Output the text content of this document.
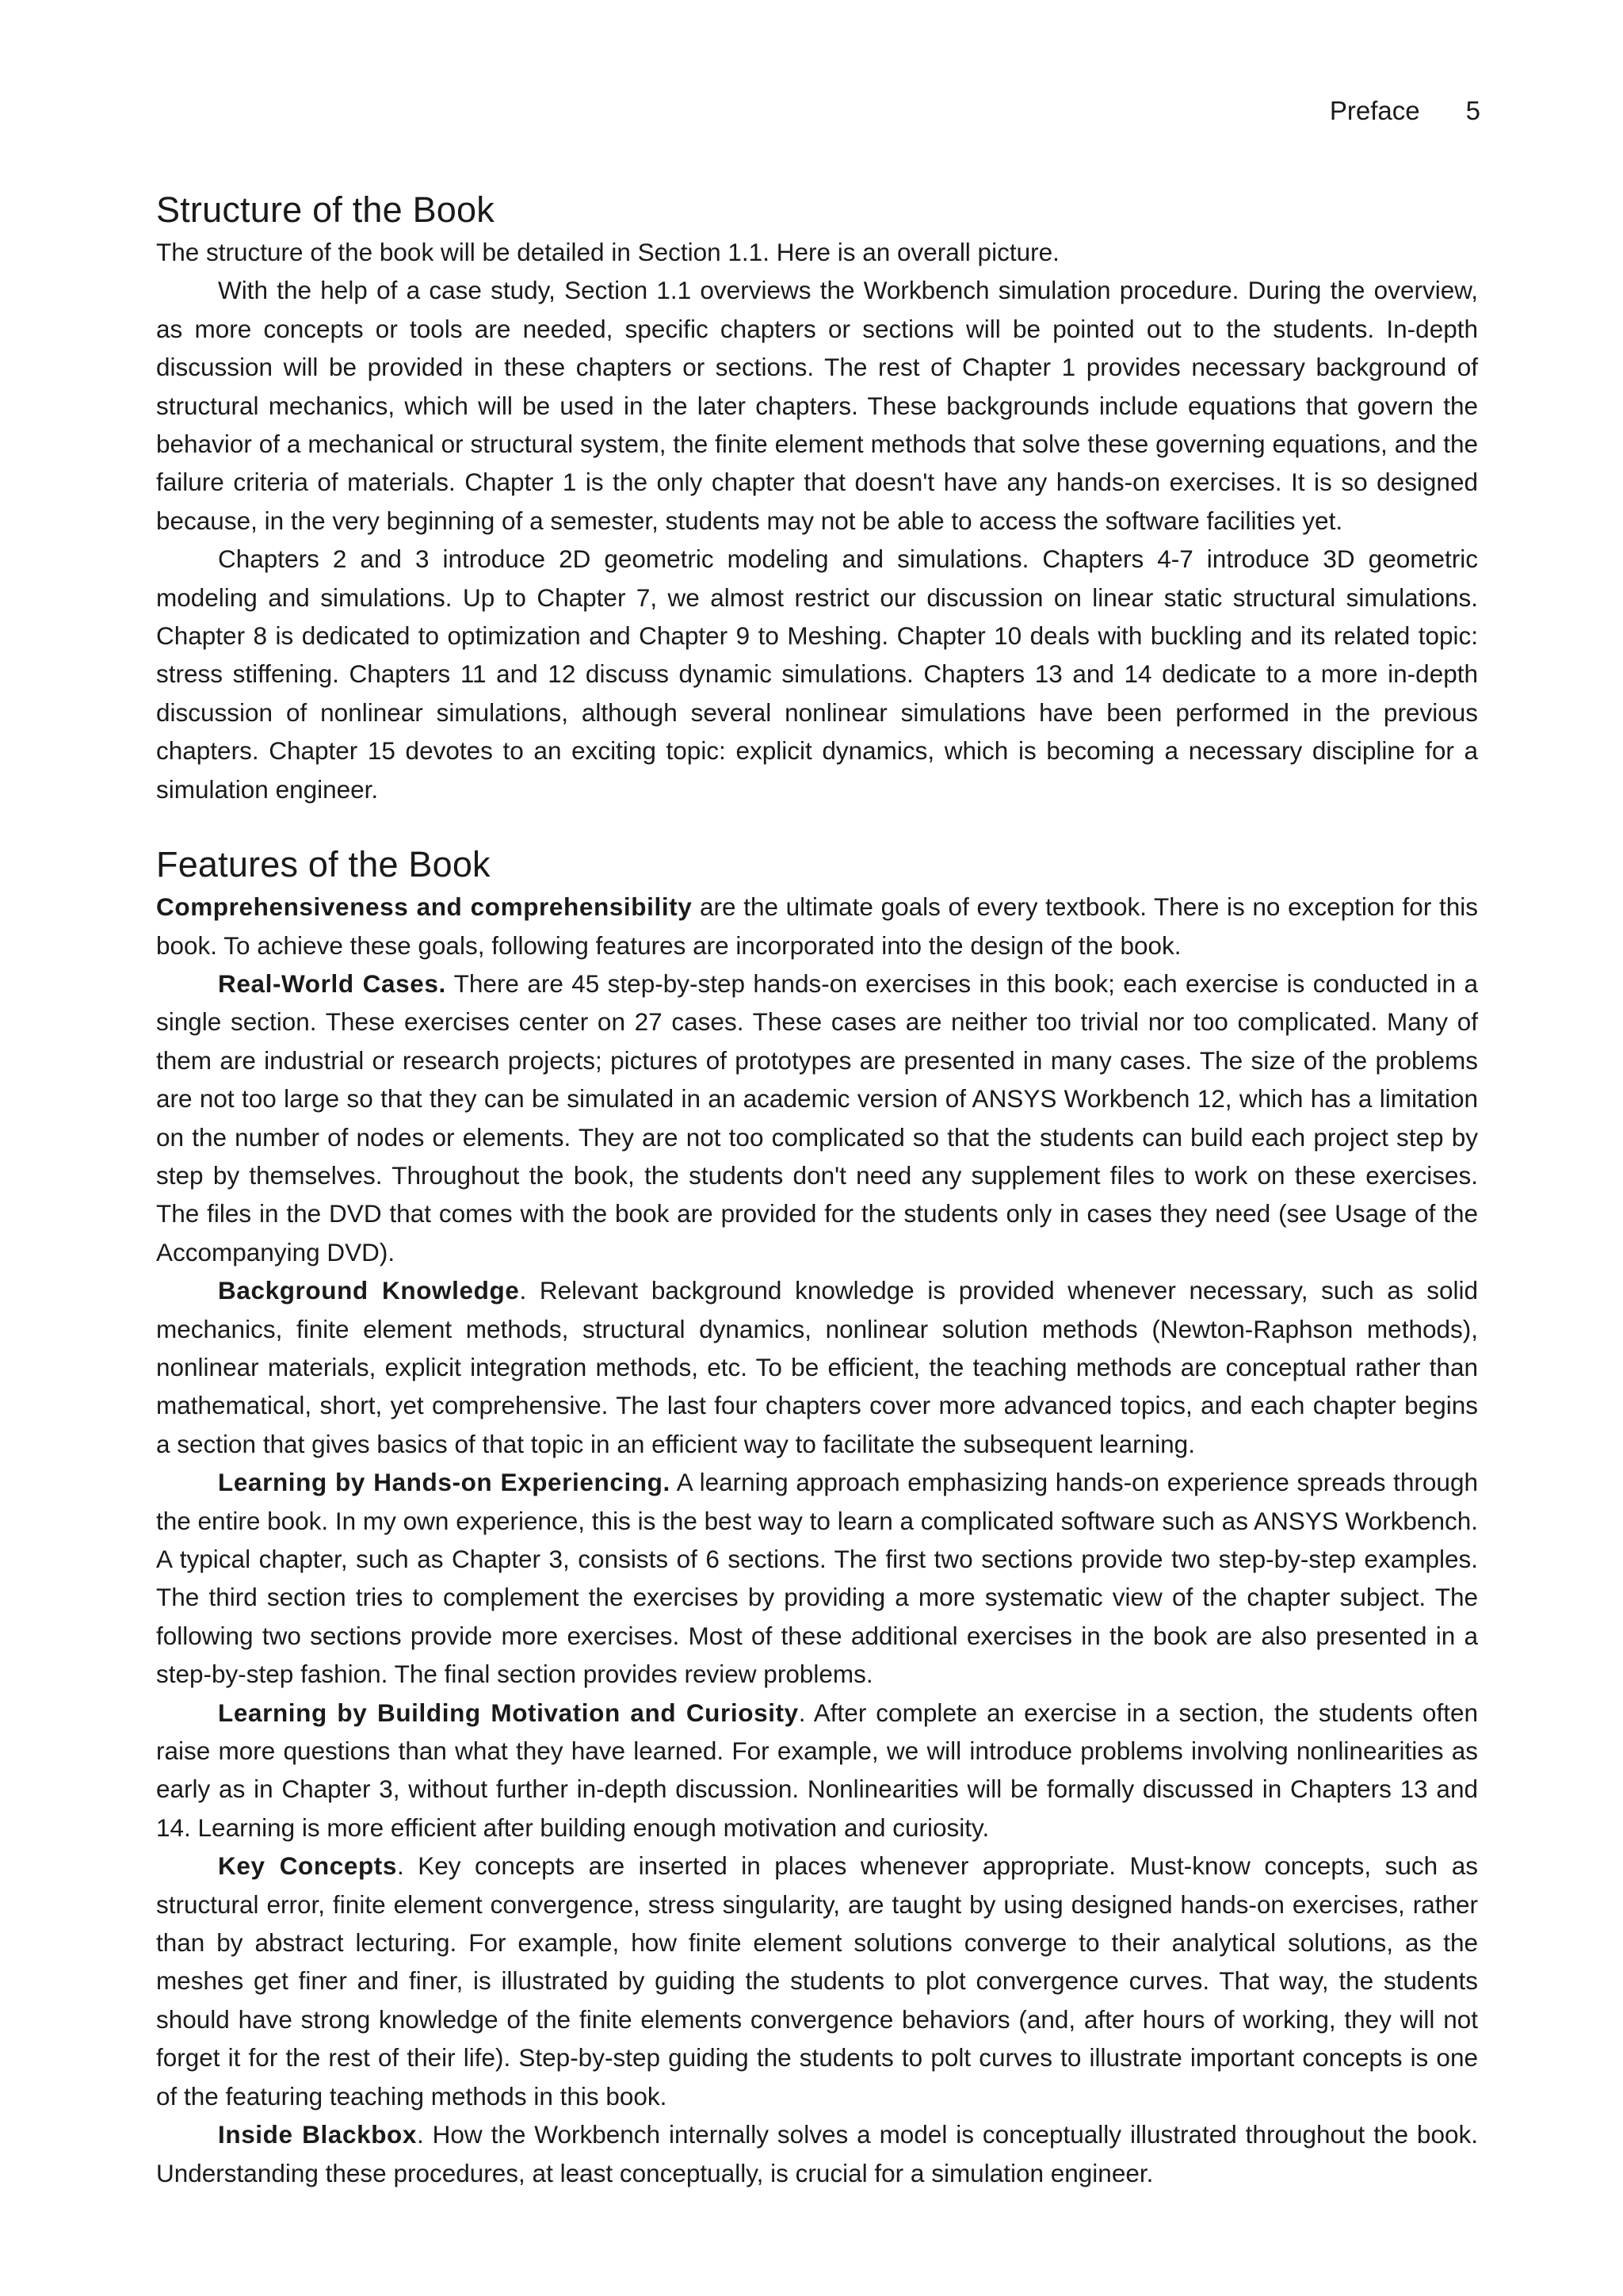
Preface 5
Structure of the Book

The structure of the book will be detailed in Section 1.1. Here is an overall picture.

With the help of a case study, Section 1.1 overviews the Workbench simulation procedure. During the overview, as more concepts or tools are needed, specific chapters or sections will be pointed out to the students. In-depth discussion will be provided in these chapters or sections. The rest of Chapter 1 provides necessary background of structural mechanics, which will be used in the later chapters. These backgrounds include equations that govern the behavior of a mechanical or structural system, the finite element methods that solve these governing equations, and the failure criteria of materials. Chapter 1 is the only chapter that doesn't have any hands-on exercises. It is so designed because, in the very beginning of a semester, students may not be able to access the software facilities yet.

Chapters 2 and 3 introduce 2D geometric modeling and simulations. Chapters 4-7 introduce 3D geometric modeling and simulations. Up to Chapter 7, we almost restrict our discussion on linear static structural simulations. Chapter 8 is dedicated to optimization and Chapter 9 to Meshing. Chapter 10 deals with buckling and its related topic: stress stiffening. Chapters 11 and 12 discuss dynamic simulations. Chapters 13 and 14 dedicate to a more in-depth discussion of nonlinear simulations, although several nonlinear simulations have been performed in the previous chapters. Chapter 15 devotes to an exciting topic: explicit dynamics, which is becoming a necessary discipline for a simulation engineer.

Features of the Book

Comprehensiveness and comprehensibility are the ultimate goals of every textbook. There is no exception for this book. To achieve these goals, following features are incorporated into the design of the book.

Real-World Cases. There are 45 step-by-step hands-on exercises in this book; each exercise is conducted in a single section. These exercises center on 27 cases. These cases are neither too trivial nor too complicated. Many of them are industrial or research projects; pictures of prototypes are presented in many cases. The size of the problems are not too large so that they can be simulated in an academic version of ANSYS Workbench 12, which has a limitation on the number of nodes or elements. They are not too complicated so that the students can build each project step by step by themselves. Throughout the book, the students don't need any supplement files to work on these exercises. The files in the DVD that comes with the book are provided for the students only in cases they need (see Usage of the Accompanying DVD).

Background Knowledge. Relevant background knowledge is provided whenever necessary, such as solid mechanics, finite element methods, structural dynamics, nonlinear solution methods (Newton-Raphson methods), nonlinear materials, explicit integration methods, etc. To be efficient, the teaching methods are conceptual rather than mathematical, short, yet comprehensive. The last four chapters cover more advanced topics, and each chapter begins a section that gives basics of that topic in an efficient way to facilitate the subsequent learning.

Learning by Hands-on Experiencing. A learning approach emphasizing hands-on experience spreads through the entire book. In my own experience, this is the best way to learn a complicated software such as ANSYS Workbench. A typical chapter, such as Chapter 3, consists of 6 sections. The first two sections provide two step-by-step examples. The third section tries to complement the exercises by providing a more systematic view of the chapter subject. The following two sections provide more exercises. Most of these additional exercises in the book are also presented in a step-by-step fashion. The final section provides review problems.

Learning by Building Motivation and Curiosity. After complete an exercise in a section, the students often raise more questions than what they have learned. For example, we will introduce problems involving nonlinearities as early as in Chapter 3, without further in-depth discussion. Nonlinearities will be formally discussed in Chapters 13 and 14. Learning is more efficient after building enough motivation and curiosity.

Key Concepts. Key concepts are inserted in places whenever appropriate. Must-know concepts, such as structural error, finite element convergence, stress singularity, are taught by using designed hands-on exercises, rather than by abstract lecturing. For example, how finite element solutions converge to their analytical solutions, as the meshes get finer and finer, is illustrated by guiding the students to plot convergence curves. That way, the students should have strong knowledge of the finite elements convergence behaviors (and, after hours of working, they will not forget it for the rest of their life). Step-by-step guiding the students to polt curves to illustrate important concepts is one of the featuring teaching methods in this book.

Inside Blackbox. How the Workbench internally solves a model is conceptually illustrated throughout the book. Understanding these procedures, at least conceptually, is crucial for a simulation engineer.
